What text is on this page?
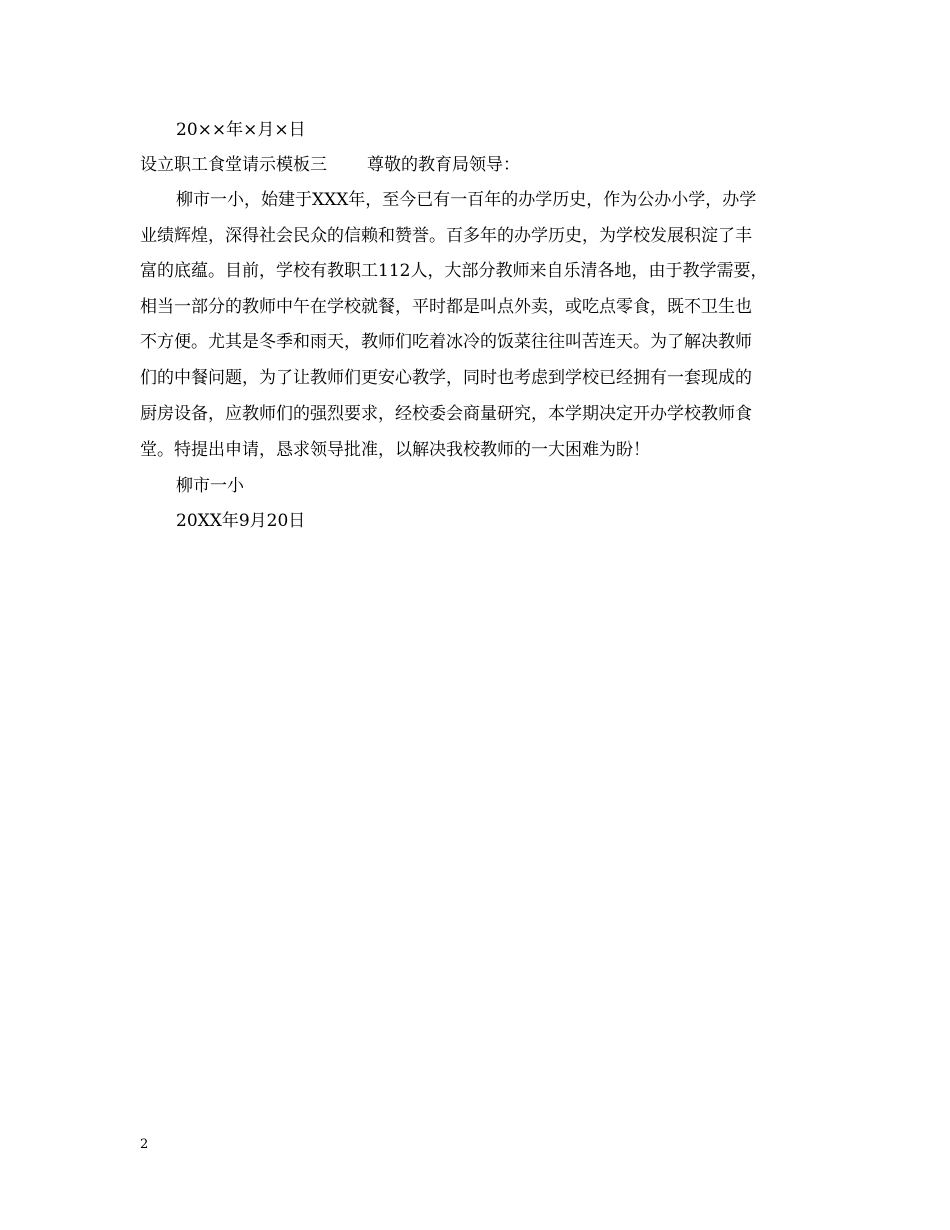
20××年×月×日
设立职工食堂请示模板三 尊敬的教育局领导：
柳市一小，始建于XXX年，至今已有一百年的办学历史，作为公办小学，办学
业绩辉煌，深得社会民众的信赖和赞誉。百多年的办学历史，为学校发展积淀了丰
富的底蕴。目前，学校有教职工112人，大部分教师来自乐清各地，由于教学需要，
相当一部分的教师中午在学校就餐，平时都是叫点外卖，或吃点零食，既不卫生也
不方便。尤其是冬季和雨天，教师们吃着冰冷的饭菜往往叫苦连天。为了解决教师
们的中餐问题，为了让教师们更安心教学，同时也考虑到学校已经拥有一套现成的
厨房设备，应教师们的强烈要求，经校委会商量研究，本学期决定开办学校教师食
堂。特提出申请，恳求领导批准，以解决我校教师的一大困难为盼！
柳市一小
20XX年9月20日
2
